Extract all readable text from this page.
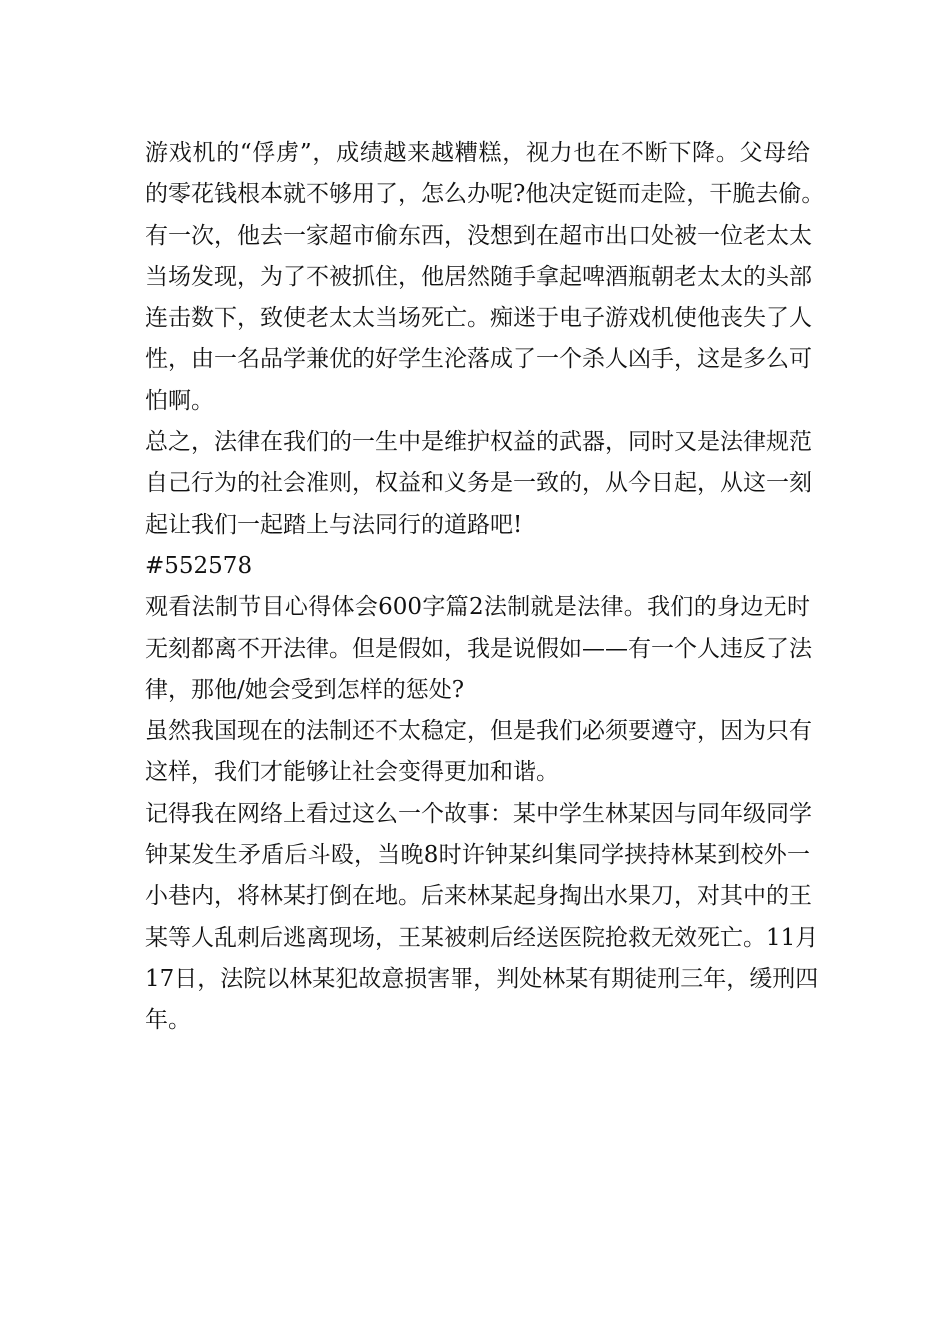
游戏机的“俘虏”，成绩越来越糟糕，视力也在不断下降。父母给
的零花钱根本就不够用了，怎么办呢?他决定铤而走险，干脆去偷。
有一次，他去一家超市偷东西，没想到在超市出口处被一位老太太
当场发现，为了不被抓住，他居然随手拿起啤酒瓶朝老太太的头部
连击数下，致使老太太当场死亡。痴迷于电子游戏机使他丧失了人
性，由一名品学兼优的好学生沦落成了一个杀人凶手，这是多么可
怕啊。
总之，法律在我们的一生中是维护权益的武器，同时又是法律规范
自己行为的社会准则，权益和义务是一致的，从今日起，从这一刻
起让我们一起踏上与法同行的道路吧!
#552578
观看法制节目心得体会600字篇2法制就是法律。我们的身边无时
无刻都离不开法律。但是假如，我是说假如——有一个人违反了法
律，那他/她会受到怎样的惩处?
虽然我国现在的法制还不太稳定，但是我们必须要遵守，因为只有
这样，我们才能够让社会变得更加和谐。
记得我在网络上看过这么一个故事：某中学生林某因与同年级同学
钟某发生矛盾后斗殴，当晚8时许钟某纠集同学挟持林某到校外一
小巷内，将林某打倒在地。后来林某起身掏出水果刀，对其中的王
某等人乱刺后逃离现场，王某被刺后经送医院抢救无效死亡。11月
17日，法院以林某犯故意损害罪，判处林某有期徒刑三年，缓刑四
年。
